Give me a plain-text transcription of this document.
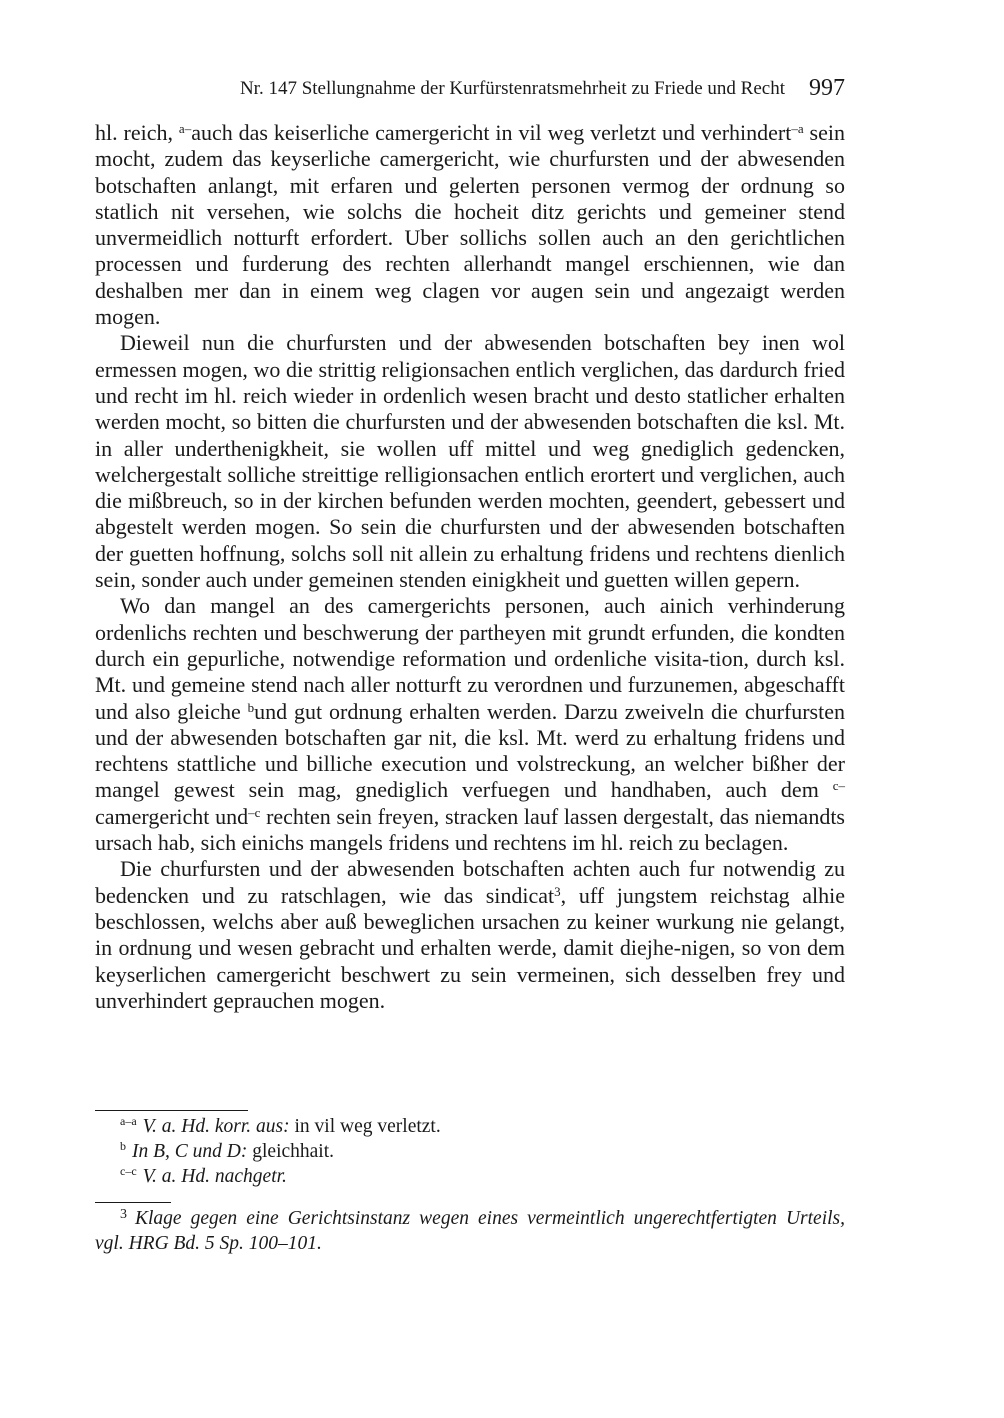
Nr. 147 Stellungnahme der Kurfürstenratsmehrheit zu Friede und Recht 997

hl. reich, $^{a-}$auch das keiserliche camergericht in vil weg verletzt und verhindert$^{-a}$ sein mocht, zudem das keyserliche camergericht, wie churfursten und der abwesenden botschaften anlangt, mit erfaren und gelerten personen vermog der ordnung so statlich nit versehen, wie solchs die hocheit ditz gerichts und gemeiner stend unvermeidlich notturft erfordert. Uber sollichs sollen auch an den gerichtlichen processen und furderung des rechten allerhandt mangel erschiennen, wie dan deshalben mer dan in einem weg clagen vor augen sein und angezaigt werden mogen.

Dieweil nun die churfursten und der abwesenden botschaften bey inen wol ermessen mogen, wo die strittig religionsachen entlich verglichen, das dardurch fried und recht im hl. reich wieder in ordenlich wesen bracht und desto statlicher erhalten werden mocht, so bitten die churfursten und der abwesenden botschaften die ksl. Mt. in aller underthenigkheit, sie wollen uff mittel und weg gnediglich gedencken, welchergestalt solliche streittige relligionsachen entlich erortert und verglichen, auch die mißbreuch, so in der kirchen befunden werden mochten, geendert, gebessert und abgestelt werden mogen. So sein die churfursten und der abwesenden botschaften der guetten hoffnung, solchs soll nit allein zu erhaltung fridens und rechtens dienlich sein, sonder auch under gemeinen stenden einigkheit und guetten willen gepern.

Wo dan mangel an des camergerichts personen, auch ainich verhinderung ordenlichs rechten und beschwerung der partheyen mit grundt erfunden, die kondten durch ein gepurliche, notwendige reformation und ordenliche visita-tion, durch ksl. Mt. und gemeine stend nach aller notturft zu verordnen und furzunemen, abgeschafft und also gleiche $^b$und gut ordnung erhalten werden. Darzu zweiveln die churfursten und der abwesenden botschaften gar nit, die ksl. Mt. werd zu erhaltung fridens und rechtens stattliche und billiche execution und volstreckung, an welcher bißher der mangel gewest sein mag, gnediglich verfuegen und handhaben, auch dem $^{c-}$camergericht und$^{-c}$ rechten sein freyen, stracken lauf lassen dergestalt, das niemandts ursach hab, sich einichs mangels fridens und rechtens im hl. reich zu beclagen.

Die churfursten und der abwesenden botschaften achten auch fur notwendig zu bedencken und zu ratschlagen, wie das sindicat$^3$, uff jungstem reichstag alhie beschlossen, welchs aber auß beweglichen ursachen zu keiner wurkung nie gelangt, in ordnung und wesen gebracht und erhalten werde, damit diejhe-nigen, so von dem keyserlichen camergericht beschwert zu sein vermeinen, sich desselben frey und unverhindert geprauchen mogen.

$^{a-a}$ V. a. Hd. korr. aus: in vil weg verletzt.
$^b$ In B, C und D: gleichhait.
$^{c-c}$ V. a. Hd. nachgetr.
$^3$ Klage gegen eine Gerichtsinstanz wegen eines vermeintlich ungerechtfertigten Urteils, vgl. HRG Bd. 5 Sp. 100–101.
